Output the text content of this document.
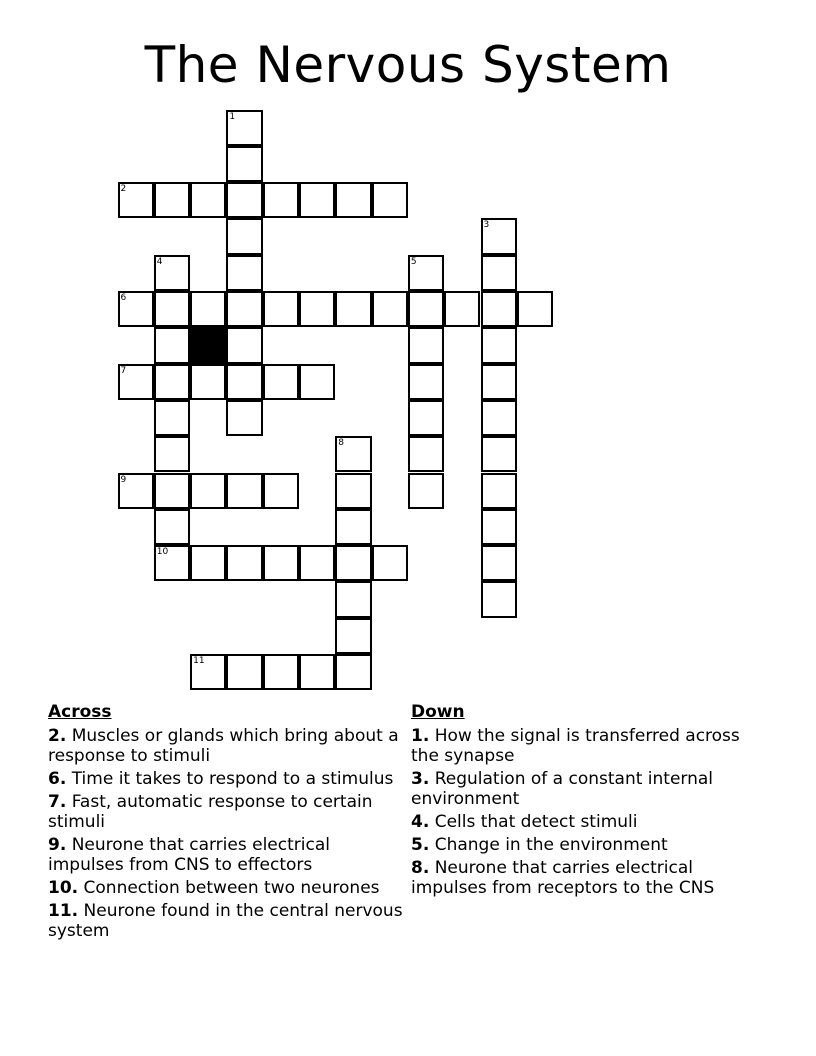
The Nervous System
1
2
3
4	5
6
7
8
9
10
11
Across
2. Muscles or glands which bring about a response to stimuli
6. Time it takes to respond to a stimulus
7. Fast, automatic response to certain stimuli
9. Neurone that carries electrical impulses from CNS to effectors
10. Connection between two neurones
11. Neurone found in the central nervous system
Down
1. How the signal is transferred across the synapse
3. Regulation of a constant internal environment
4. Cells that detect stimuli
5. Change in the environment
8. Neurone that carries electrical impulses from receptors to the CNS
